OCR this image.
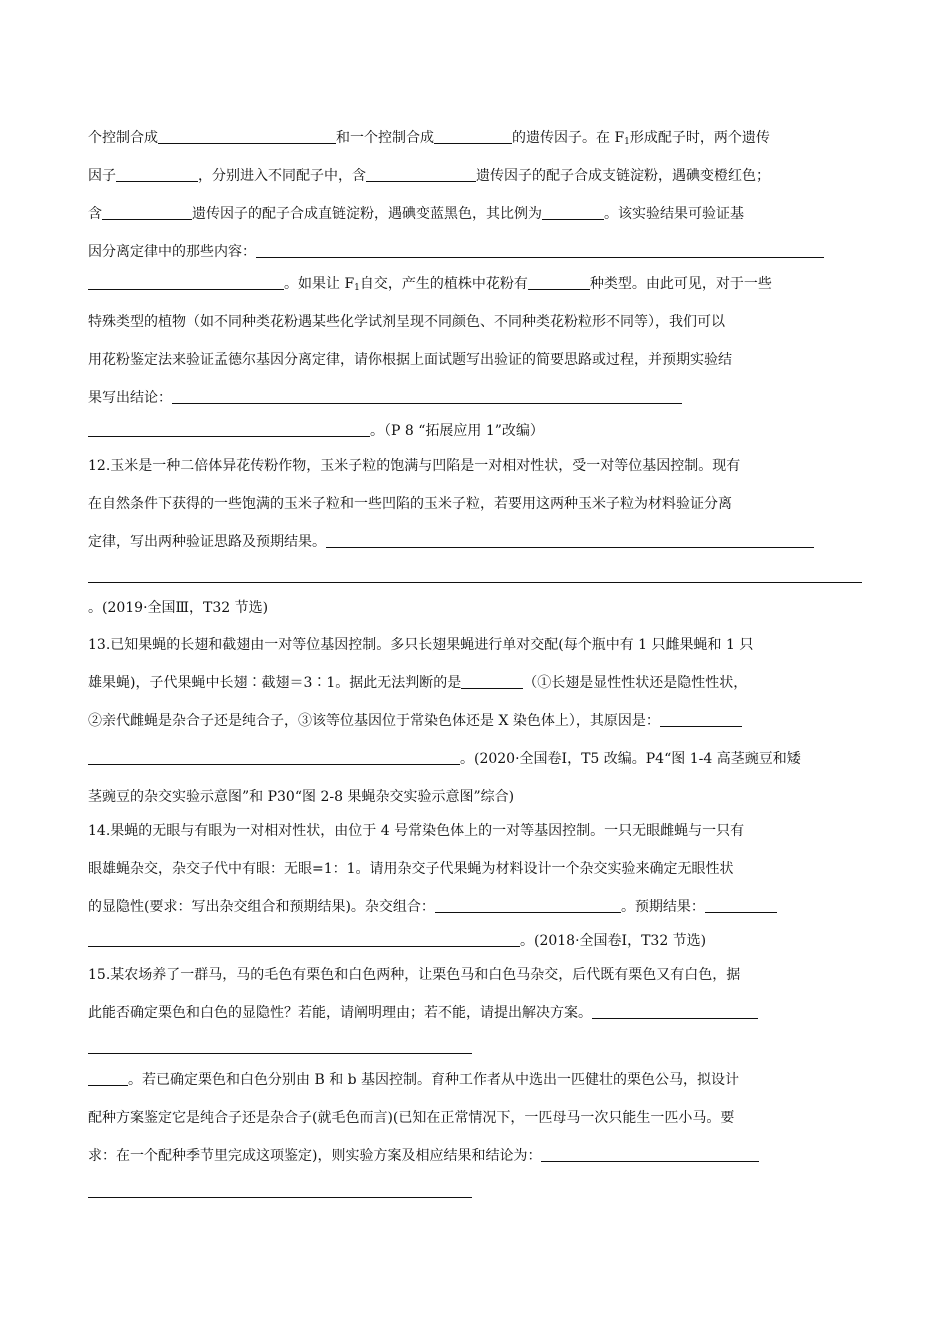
个控制合成	和一个控制合成	的遗传因子。在 $F_1$形成配子时，两个遗传
因子	，分别进入不同配子中，含	遗传因子的配子合成支链淀粉，遇碘变橙红色；
含	遗传因子的配子合成直链淀粉，遇碘变蓝黑色，其比例为	。该实验结果可验证基
因分离定律中的那些内容：
。如果让 $F_1$自交，产生的植株中花粉有	种类型。由此可见，对于一些
特殊类型的植物（如不同种类花粉遇某些化学试剂呈现不同颜色、不同种类花粉粒形不同等），我们可以
用花粉鉴定法来验证孟德尔基因分离定律，请你根据上面试题写出验证的简要思路或过程，并预期实验结
果写出结论：
。（P 8 “拓展应用 1”改编）
12.玉米是一种二倍体异花传粉作物，玉米子粒的饱满与凹陷是一对相对性状，受一对等位基因控制。现有
在自然条件下获得的一些饱满的玉米子粒和一些凹陷的玉米子粒，若要用这两种玉米子粒为材料验证分离
定律，写出两种验证思路及预期结果。
。(2019·全国Ⅲ，T32 节选)
13.已知果蝇的长翅和截翅由一对等位基因控制。多只长翅果蝇进行单对交配(每个瓶中有 1 只雌果蝇和 1 只
雄果蝇)，子代果蝇中长翅∶截翅＝3∶1。据此无法判断的是	（①长翅是显性性状还是隐性性状，
②亲代雌蝇是杂合子还是纯合子，③该等位基因位于常染色体还是 X 染色体上），其原因是：
。(2020·全国卷Ⅰ，T5 改编。P4“图 1-4 高茎豌豆和矮
茎豌豆的杂交实验示意图”和 P30“图 2-8 果蝇杂交实验示意图”综合)
14.果蝇的无眼与有眼为一对相对性状，由位于 4 号常染色体上的一对等基因控制。一只无眼雌蝇与一只有
眼雄蝇杂交，杂交子代中有眼：无眼=1：1。请用杂交子代果蝇为材料设计一个杂交实验来确定无眼性状
的显隐性(要求：写出杂交组合和预期结果)。杂交组合：	。预期结果：
。(2018·全国卷Ⅰ，T32 节选)
15.某农场养了一群马，马的毛色有栗色和白色两种，让栗色马和白色马杂交，后代既有栗色又有白色，据
此能否确定栗色和白色的显隐性？若能，请阐明理由；若不能，请提出解决方案。
。若已确定栗色和白色分别由 B 和 b 基因控制。育种工作者从中选出一匹健壮的栗色公马，拟设计
配种方案鉴定它是纯合子还是杂合子(就毛色而言)(已知在正常情况下，一匹母马一次只能生一匹小马。要
求：在一个配种季节里完成这项鉴定)，则实验方案及相应结果和结论为：
